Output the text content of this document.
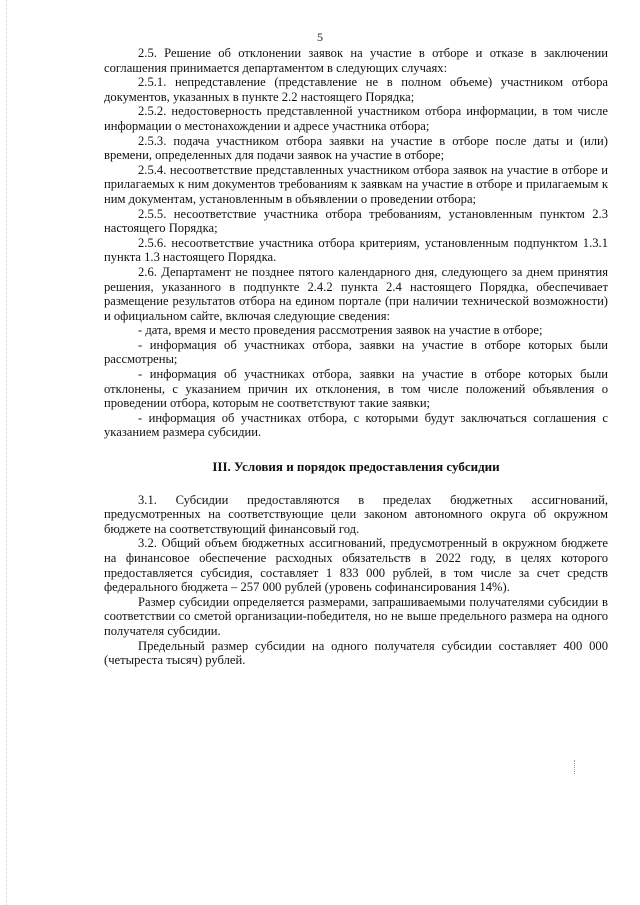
5

2.5. Решение об отклонении заявок на участие в отборе и отказе в заключении соглашения принимается департаментом в следующих случаях:

2.5.1. непредставление (представление не в полном объеме) участником отбора документов, указанных в пункте 2.2 настоящего Порядка;

2.5.2. недостоверность представленной участником отбора информации, в том числе информации о местонахождении и адресе участника отбора;

2.5.3. подача участником отбора заявки на участие в отборе после даты и (или) времени, определенных для подачи заявок на участие в отборе;

2.5.4. несоответствие представленных участником отбора заявок на участие в отборе и прилагаемых к ним документов требованиям к заявкам на участие в отборе и прилагаемым к ним документам, установленным в объявлении о проведении отбора;

2.5.5. несоответствие участника отбора требованиям, установленным пунктом 2.3 настоящего Порядка;

2.5.6. несоответствие участника отбора критериям, установленным подпунктом 1.3.1 пункта 1.3 настоящего Порядка.

2.6. Департамент не позднее пятого календарного дня, следующего за днем принятия решения, указанного в подпункте 2.4.2 пункта 2.4 настоящего Порядка, обеспечивает размещение результатов отбора на едином портале (при наличии технической возможности) и официальном сайте, включая следующие сведения:

- дата, время и место проведения рассмотрения заявок на участие в отборе;

- информация об участниках отбора, заявки на участие в отборе которых были рассмотрены;

- информация об участниках отбора, заявки на участие в отборе которых были отклонены, с указанием причин их отклонения, в том числе положений объявления о проведении отбора, которым не соответствуют такие заявки;

- информация об участниках отбора, с которыми будут заключаться соглашения с указанием размера субсидии.

III. Условия и порядок предоставления субсидии

3.1. Субсидии предоставляются в пределах бюджетных ассигнований, предусмотренных на соответствующие цели законом автономного округа об окружном бюджете на соответствующий финансовый год.

3.2. Общий объем бюджетных ассигнований, предусмотренный в окружном бюджете на финансовое обеспечение расходных обязательств в 2022 году, в целях которого предоставляется субсидия, составляет 1 833 000 рублей, в том числе за счет средств федерального бюджета – 257 000 рублей (уровень софинансирования 14%).

Размер субсидии определяется размерами, запрашиваемыми получателями субсидии в соответствии со сметой организации-победителя, но не выше предельного размера на одного получателя субсидии.

Предельный размер субсидии на одного получателя субсидии составляет 400 000 (четыреста тысяч) рублей.
